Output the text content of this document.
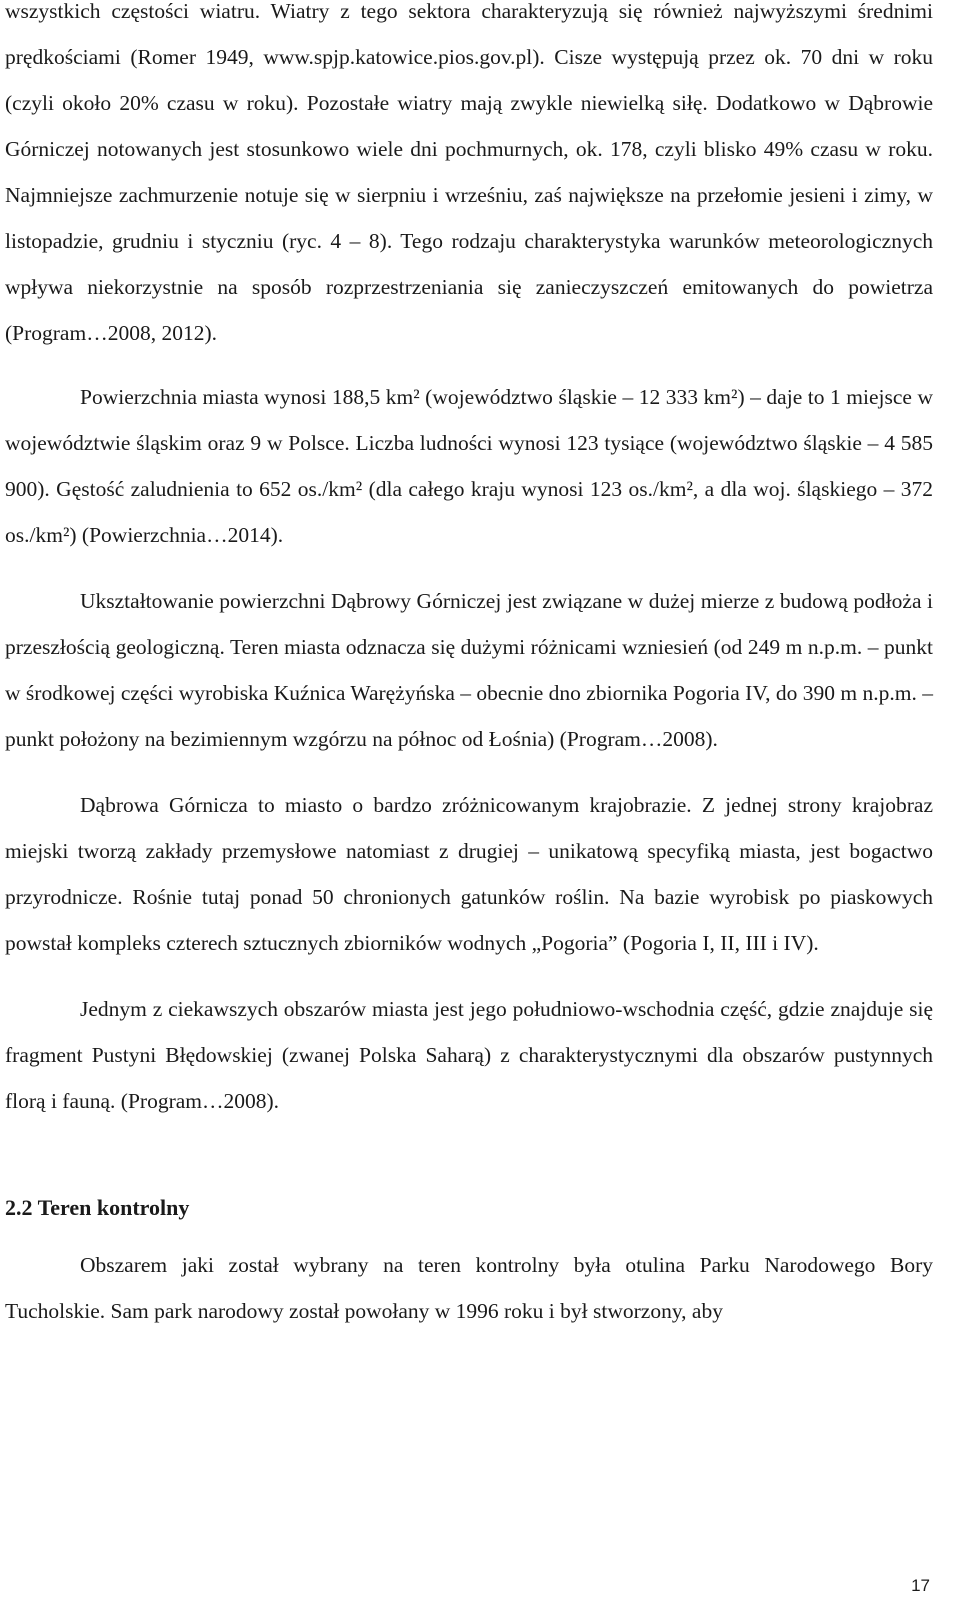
wszystkich częstości wiatru. Wiatry z tego sektora charakteryzują się również najwyższymi średnimi prędkościami (Romer 1949, www.spjp.katowice.pios.gov.pl). Cisze występują przez ok. 70 dni w roku (czyli około 20% czasu w roku). Pozostałe wiatry mają zwykle niewielką siłę. Dodatkowo w Dąbrowie Górniczej notowanych jest stosunkowo wiele dni pochmurnych, ok. 178, czyli blisko 49% czasu w roku. Najmniejsze zachmurzenie notuje się w sierpniu i wrześniu, zaś największe na przełomie jesieni i zimy, w listopadzie, grudniu i styczniu (ryc. 4 – 8). Tego rodzaju charakterystyka warunków meteorologicznych wpływa niekorzystnie na sposób rozprzestrzeniania się zanieczyszczeń emitowanych do powietrza (Program…2008, 2012).

Powierzchnia miasta wynosi 188,5 km² (województwo śląskie – 12 333 km²) – daje to 1 miejsce w województwie śląskim oraz 9 w Polsce. Liczba ludności wynosi 123 tysiące (województwo śląskie – 4 585 900). Gęstość zaludnienia to 652 os./km² (dla całego kraju wynosi 123 os./km², a dla woj. śląskiego – 372 os./km²) (Powierzchnia…2014).

Ukształtowanie powierzchni Dąbrowy Górniczej jest związane w dużej mierze z budową podłoża i przeszłością geologiczną. Teren miasta odznacza się dużymi różnicami wzniesień (od 249 m n.p.m. – punkt w środkowej części wyrobiska Kuźnica Warężyńska – obecnie dno zbiornika Pogoria IV, do 390 m n.p.m. – punkt położony na bezimiennym wzgórzu na północ od Łośnia) (Program…2008).

Dąbrowa Górnicza to miasto o bardzo zróżnicowanym krajobrazie. Z jednej strony krajobraz miejski tworzą zakłady przemysłowe natomiast z drugiej – unikatową specyfiką miasta, jest bogactwo przyrodnicze. Rośnie tutaj ponad 50 chronionych gatunków roślin. Na bazie wyrobisk po piaskowych powstał kompleks czterech sztucznych zbiorników wodnych „Pogoria” (Pogoria I, II, III i IV).

Jednym z ciekawszych obszarów miasta jest jego południowo-wschodnia część, gdzie znajduje się fragment Pustyni Błędowskiej (zwanej Polska Saharą) z charakterystycznymi dla obszarów pustynnych florą i fauną. (Program…2008).

2.2 Teren kontrolny

Obszarem jaki został wybrany na teren kontrolny była otulina Parku Narodowego Bory Tucholskie. Sam park narodowy został powołany w 1996 roku i był stworzony, aby

17
